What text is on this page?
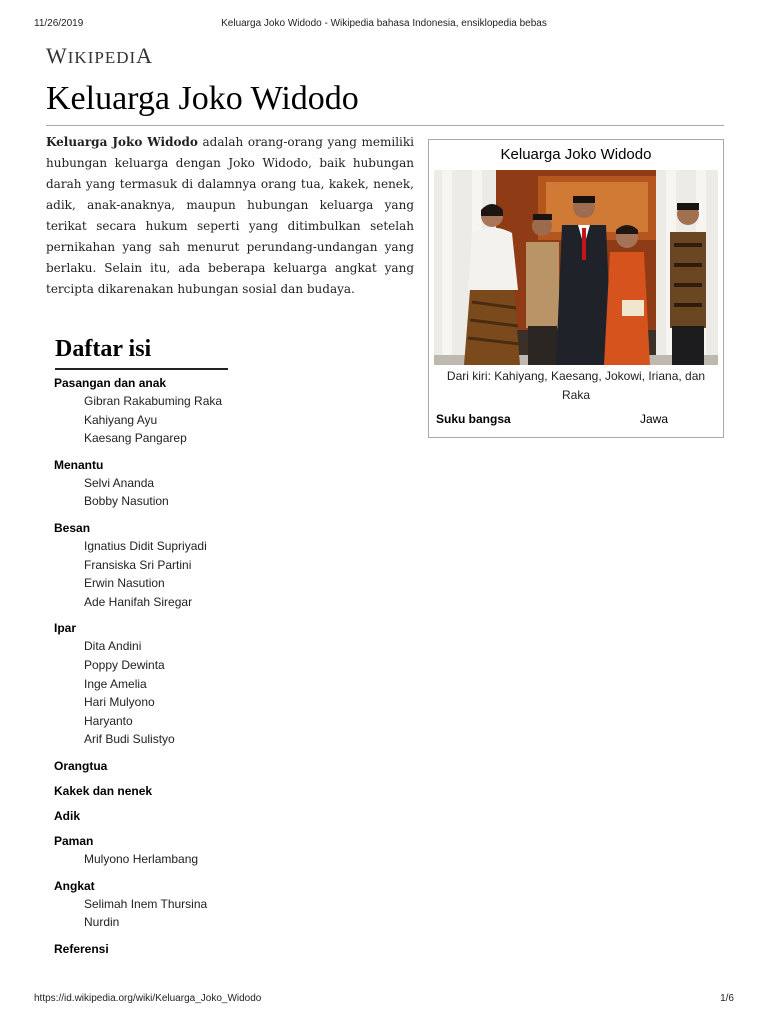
11/26/2019	Keluarga Joko Widodo - Wikipedia bahasa Indonesia, ensiklopedia bebas
WIKIPEDIA
Keluarga Joko Widodo

Keluarga Joko Widodo adalah orang-orang yang memiliki hubungan keluarga dengan Joko Widodo, baik hubungan darah yang termasuk di dalamnya orang tua, kakek, nenek, adik, anak-anaknya, maupun hubungan keluarga yang terikat secara hukum seperti yang ditimbulkan setelah pernikahan yang sah menurut perundang-undangan yang berlaku. Selain itu, ada beberapa keluarga angkat yang tercipta dikarenakan hubungan sosial dan budaya.

Keluarga Joko Widodo
Dari kiri: Kahiyang, Kaesang, Jokowi, Iriana, dan Raka
Suku bangsa	Jawa
Daftar isi
Pasangan dan anak
Gibran Rakabuming Raka
Kahiyang Ayu
Kaesang Pangarep
Menantu
Selvi Ananda
Bobby Nasution
Besan
Ignatius Didit Supriyadi
Fransiska Sri Partini
Erwin Nasution
Ade Hanifah Siregar
Ipar
Dita Andini
Poppy Dewinta
Inge Amelia
Hari Mulyono
Haryanto
Arif Budi Sulistyo
Orangtua
Kakek dan nenek
Adik
Paman
Mulyono Herlambang
Angkat
Selimah Inem Thursina
Nurdin
Referensi
https://id.wikipedia.org/wiki/Keluarga_Joko_Widodo	1/6
